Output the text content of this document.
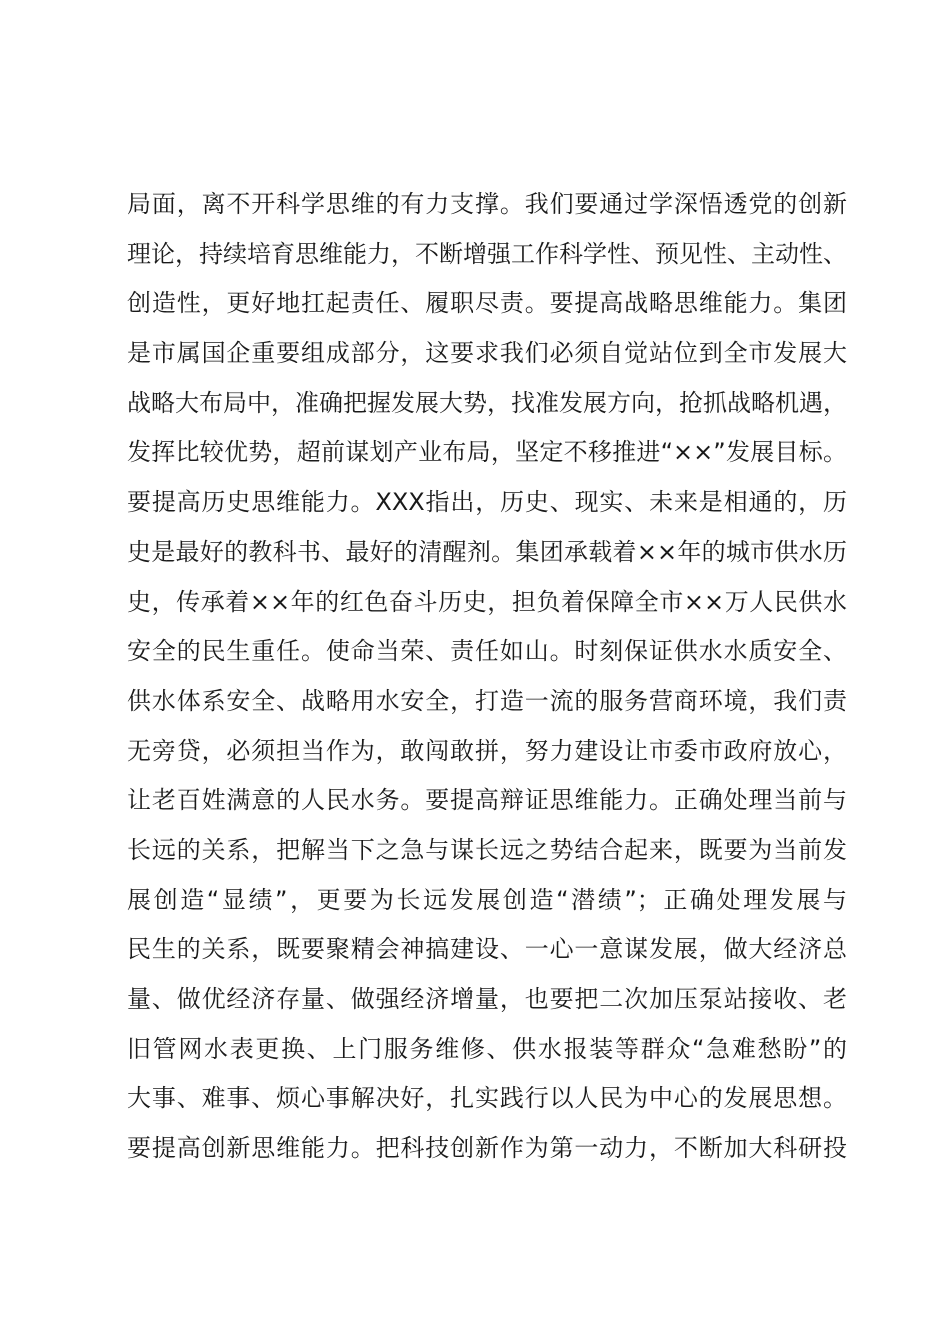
局面，离不开科学思维的有力支撑。我们要通过学深悟透党的创新
理论，持续培育思维能力，不断增强工作科学性、预见性、主动性、
创造性，更好地扛起责任、履职尽责。要提高战略思维能力。集团
是市属国企重要组成部分，这要求我们必须自觉站位到全市发展大
战略大布局中，准确把握发展大势，找准发展方向，抢抓战略机遇，
发挥比较优势，超前谋划产业布局，坚定不移推进“××”发展目标。
要提高历史思维能力。XXX指出，历史、现实、未来是相通的，历
史是最好的教科书、最好的清醒剂。集团承载着××年的城市供水历
史，传承着××年的红色奋斗历史，担负着保障全市××万人民供水
安全的民生重任。使命当荣、责任如山。时刻保证供水水质安全、
供水体系安全、战略用水安全，打造一流的服务营商环境，我们责
无旁贷，必须担当作为，敢闯敢拼，努力建设让市委市政府放心，
让老百姓满意的人民水务。要提高辩证思维能力。正确处理当前与
长远的关系，把解当下之急与谋长远之势结合起来，既要为当前发
展创造“显绩”，更要为长远发展创造“潜绩”；正确处理发展与
民生的关系，既要聚精会神搞建设、一心一意谋发展，做大经济总
量、做优经济存量、做强经济增量，也要把二次加压泵站接收、老
旧管网水表更换、上门服务维修、供水报装等群众“急难愁盼”的
大事、难事、烦心事解决好，扎实践行以人民为中心的发展思想。
要提高创新思维能力。把科技创新作为第一动力，不断加大科研投
